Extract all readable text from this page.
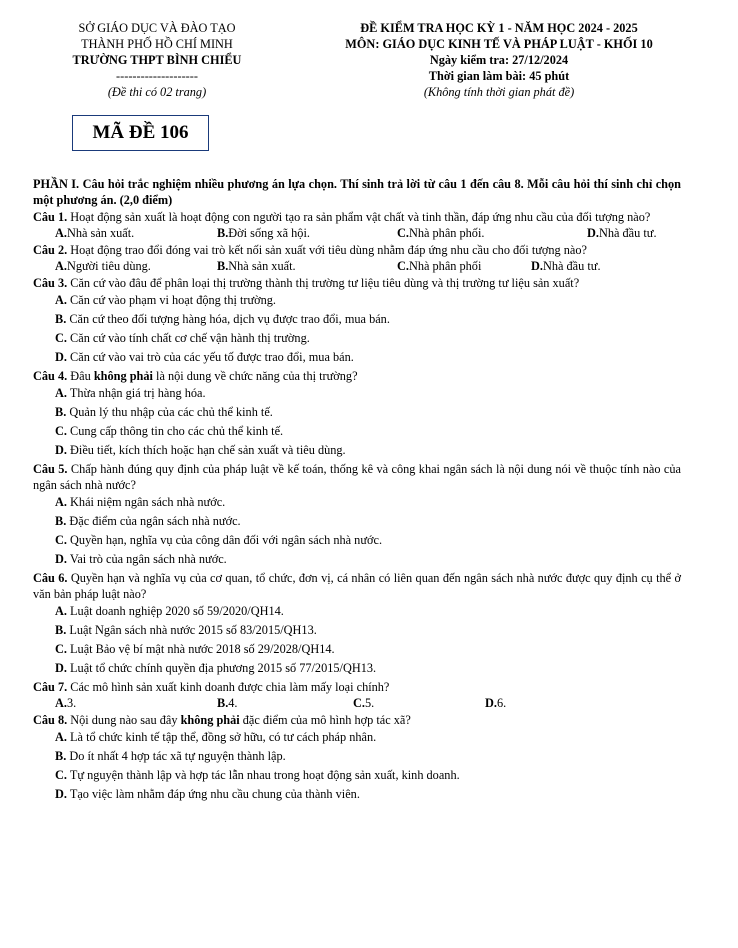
SỞ GIÁO DỤC VÀ ĐÀO TẠO
THÀNH PHỐ HỒ CHÍ MINH
TRƯỜNG THPT BÌNH CHIỂU
--------------------
(Đề thi có 02 trang)
ĐỀ KIỂM TRA HỌC KỲ 1 - NĂM HỌC 2024 - 2025
MÔN: GIÁO DỤC KINH TẾ VÀ PHÁP LUẬT - KHỐI 10
Ngày kiểm tra: 27/12/2024
Thời gian làm bài: 45 phút
(Không tính thời gian phát đề)
MÃ ĐỀ 106
PHẦN I. Câu hỏi trắc nghiệm nhiều phương án lựa chọn. Thí sinh trả lời từ câu 1 đến câu 8. Mỗi câu hỏi thí sinh chỉ chọn một phương án. (2,0 điểm)
Câu 1. Hoạt động sản xuất là hoạt động con người tạo ra sản phẩm vật chất và tinh thần, đáp ứng nhu cầu của đối tượng nào?
A.Nhà sản xuất.	B.Đời sống xã hội.	C.Nhà phân phối.	D.Nhà đầu tư.
Câu 2. Hoạt động trao đổi đóng vai trò kết nối sản xuất với tiêu dùng nhằm đáp ứng nhu cầu cho đối tượng nào?
A.Người tiêu dùng.	B.Nhà sản xuất.	C.Nhà phân phối	D.Nhà đầu tư.
Câu 3. Căn cứ vào đâu để phân loại thị trường thành thị trường tư liệu tiêu dùng và thị trường tư liệu sản xuất?
A. Căn cứ vào phạm vi hoạt động thị trường.
B. Căn cứ theo đối tượng hàng hóa, dịch vụ được trao đổi, mua bán.
C. Căn cứ vào tính chất cơ chế vận hành thị trường.
D. Căn cứ vào vai trò của các yếu tố được trao đổi, mua bán.
Câu 4. Đâu không phải là nội dung về chức năng của thị trường?
A. Thừa nhận giá trị hàng hóa.
B. Quản lý thu nhập của các chủ thể kinh tế.
C. Cung cấp thông tin cho các chủ thể kinh tế.
D. Điều tiết, kích thích hoặc hạn chế sản xuất và tiêu dùng.
Câu 5. Chấp hành đúng quy định của pháp luật về kế toán, thống kê và công khai ngân sách là nội dung nói về thuộc tính nào của ngân sách nhà nước?
A. Khái niệm ngân sách nhà nước.
B. Đặc điểm của ngân sách nhà nước.
C. Quyền hạn, nghĩa vụ của công dân đối với ngân sách nhà nước.
D. Vai trò của ngân sách nhà nước.
Câu 6. Quyền hạn và nghĩa vụ của cơ quan, tổ chức, đơn vị, cá nhân có liên quan đến ngân sách nhà nước được quy định cụ thể ở văn bản pháp luật nào?
A. Luật doanh nghiệp 2020 số 59/2020/QH14.
B. Luật Ngân sách nhà nước 2015 số 83/2015/QH13.
C. Luật Bảo vệ bí mật nhà nước 2018 số 29/2028/QH14.
D. Luật tổ chức chính quyền địa phương 2015 số 77/2015/QH13.
Câu 7. Các mô hình sản xuất kinh doanh được chia làm mấy loại chính?
A.3.	B.4.	C.5.	D.6.
Câu 8. Nội dung nào sau đây không phải đặc điểm của mô hình hợp tác xã?
A. Là tổ chức kinh tế tập thể, đồng sở hữu, có tư cách pháp nhân.
B. Do ít nhất 4 hợp tác xã tự nguyện thành lập.
C. Tự nguyện thành lập và hợp tác lẫn nhau trong hoạt động sản xuất, kinh doanh.
D. Tạo việc làm nhằm đáp ứng nhu cầu chung của thành viên.
